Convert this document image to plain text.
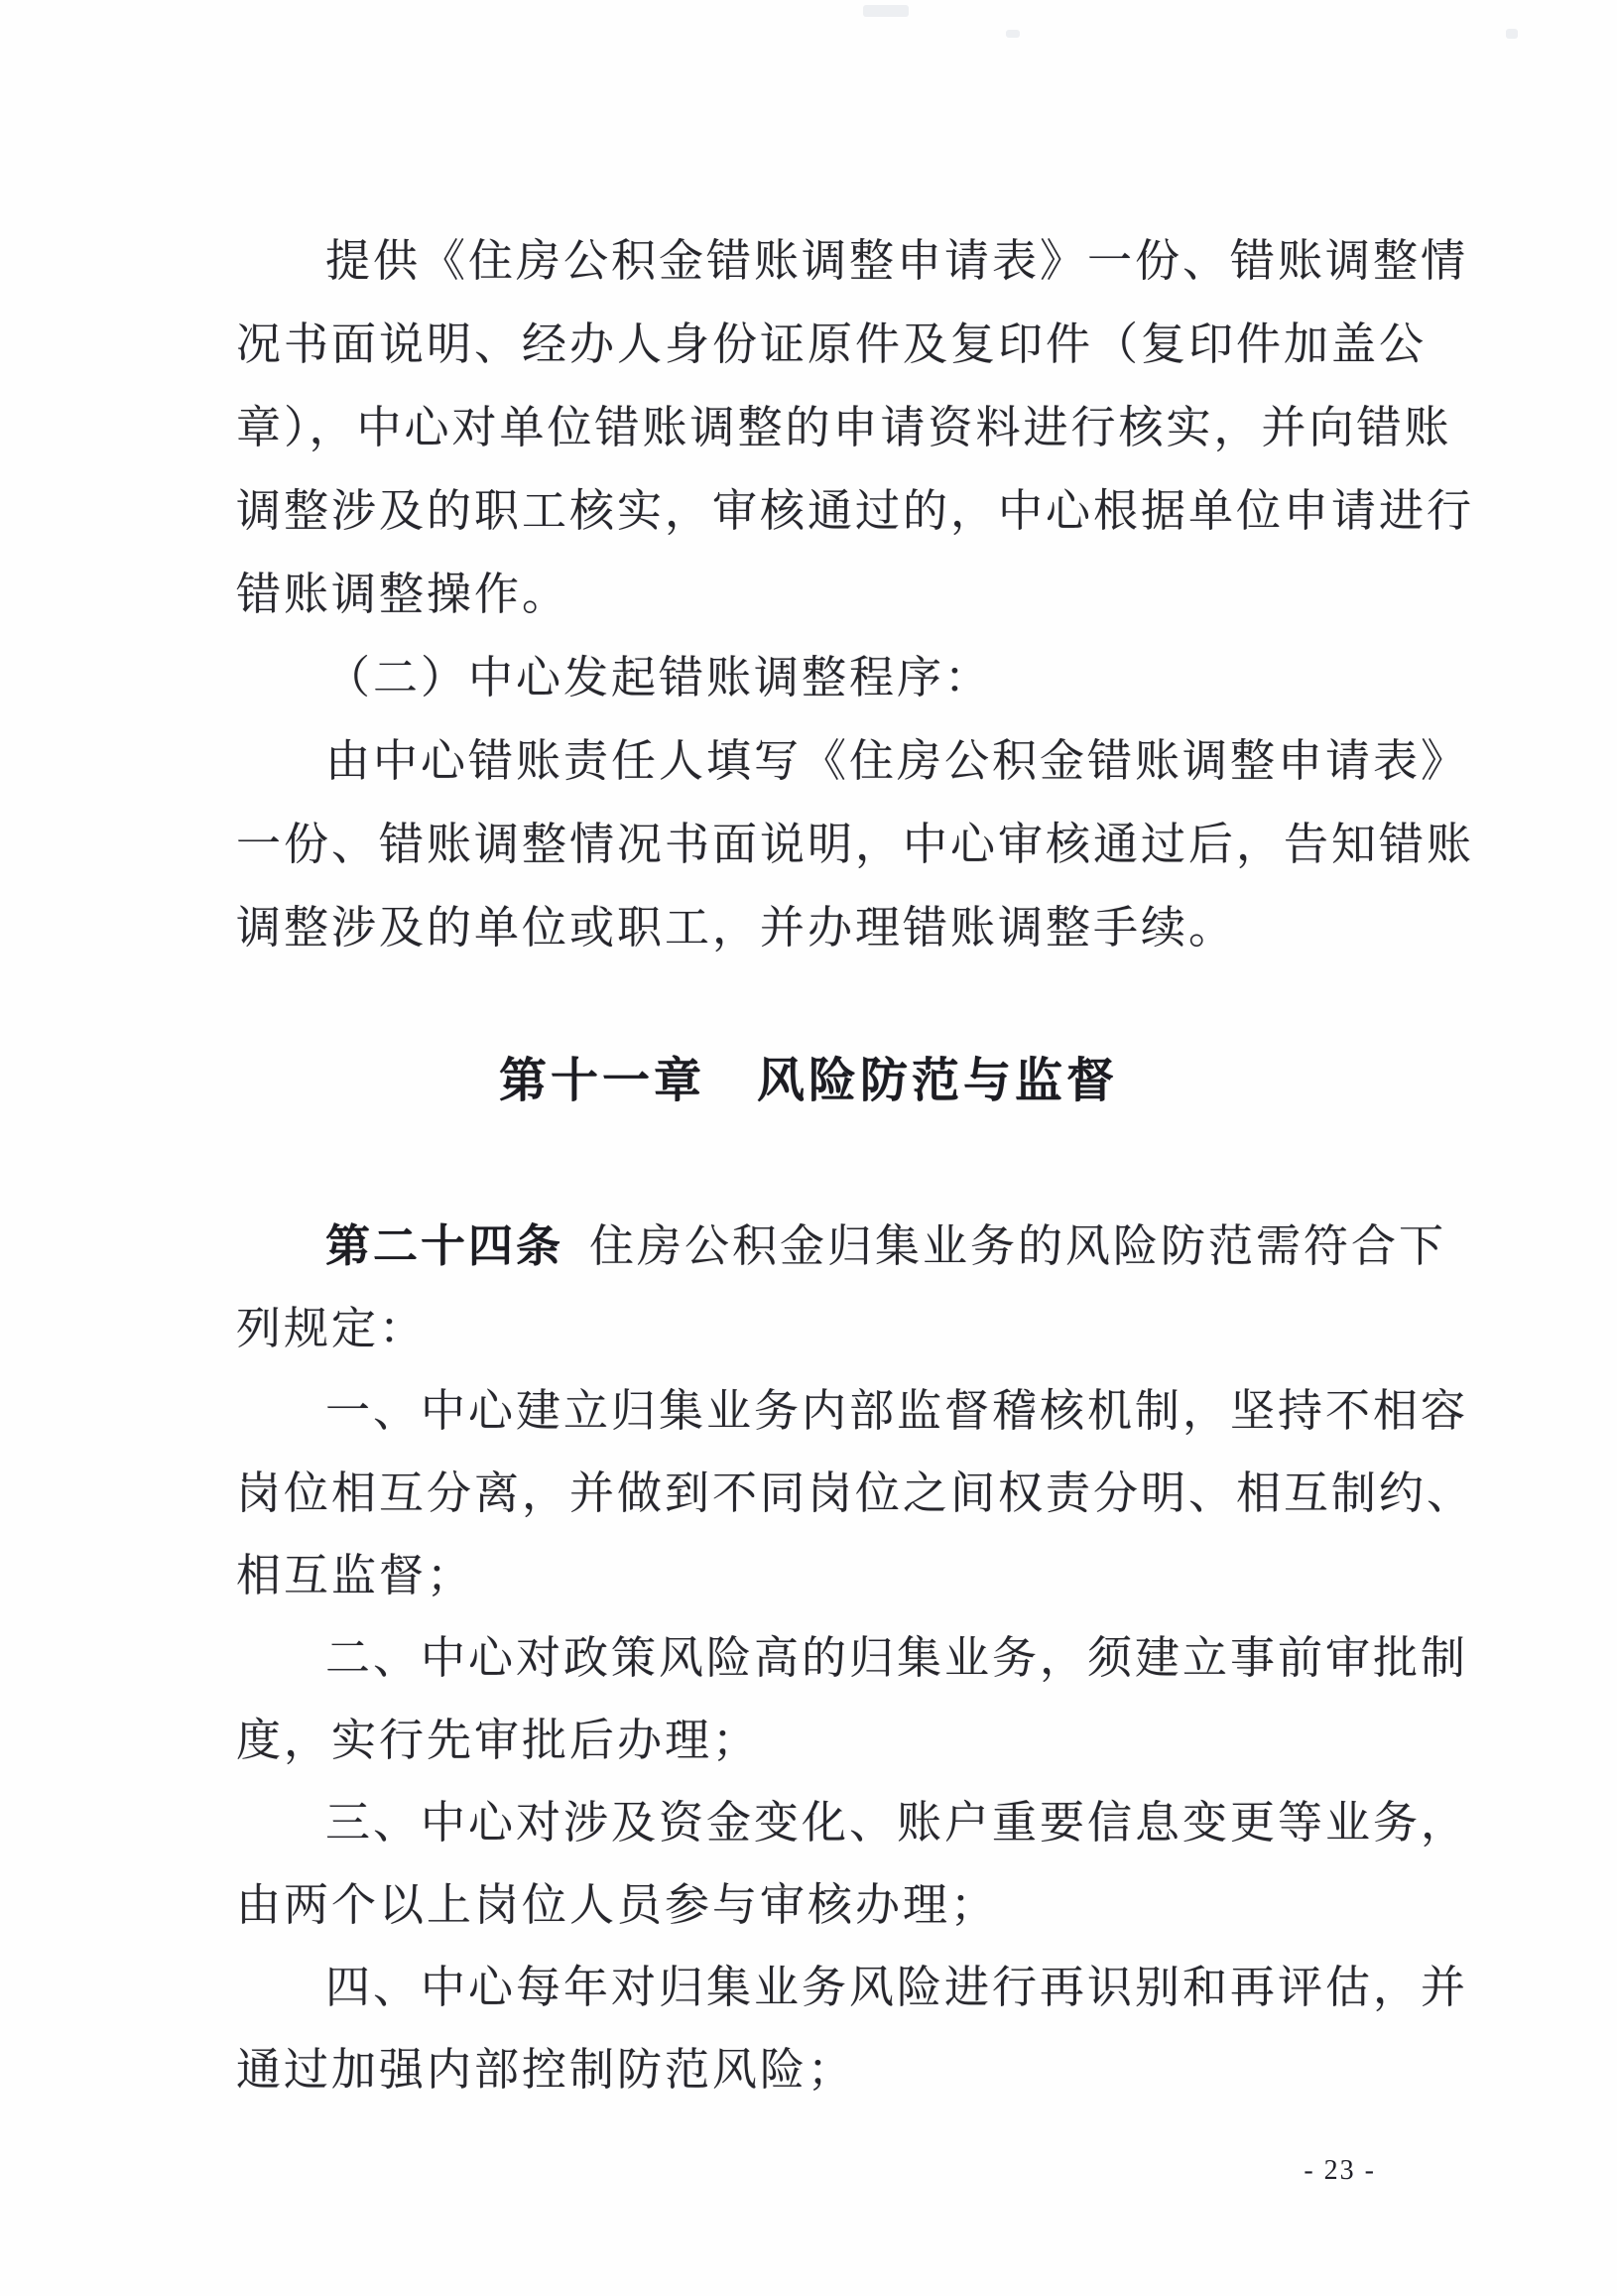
提供《住房公积金错账调整申请表》一份、错账调整情
况书面说明、经办人身份证原件及复印件（复印件加盖公
章），中心对单位错账调整的申请资料进行核实，并向错账
调整涉及的职工核实，审核通过的，中心根据单位申请进行
错账调整操作。
（二）中心发起错账调整程序：
由中心错账责任人填写《住房公积金错账调整申请表》
一份、错账调整情况书面说明，中心审核通过后，告知错账
调整涉及的单位或职工，并办理错账调整手续。
第十一章　风险防范与监督
第二十四条 住房公积金归集业务的风险防范需符合下
列规定：
一、中心建立归集业务内部监督稽核机制，坚持不相容
岗位相互分离，并做到不同岗位之间权责分明、相互制约、
相互监督；
二、中心对政策风险高的归集业务，须建立事前审批制
度，实行先审批后办理；
三、中心对涉及资金变化、账户重要信息变更等业务，
由两个以上岗位人员参与审核办理；
四、中心每年对归集业务风险进行再识别和再评估，并
通过加强内部控制防范风险；
- 23 -
